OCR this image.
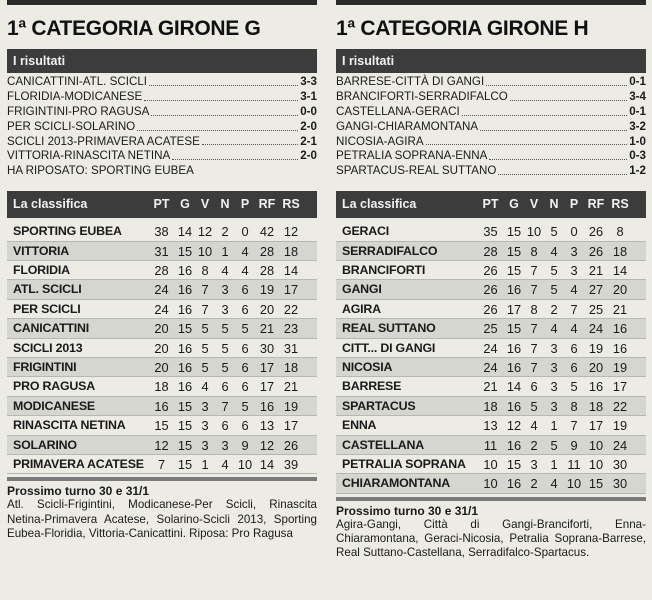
1ª CATEGORIA GIRONE G
I risultati
CANICATTINI-ATL. SCICLI	3-3
FLORIDIA-MODICANESE	3-1
FRIGINTINI-PRO RAGUSA	0-0
PER SCICLI-SOLARINO	2-0
SCICLI 2013-PRIMAVERA ACATESE	2-1
VITTORIA-RINASCITA NETINA	2-0
HA RIPOSATO: SPORTING EUBEA
La classifica	PT G V N P RF RS
SPORTING EUBEA	38 14 12 2	0 42 12
VITTORIA	31 15 10 1	4 28 18
FLORIDIA	28 16 8	4	4 28 14
ATL. SCICLI	24 16 7	3	6 19 17
PER SCICLI	24 16 7	3	6 20 22
CANICATTINI	20 15 5	5	5 21 23
SCICLI 2013	20 16 5	5	6 30 31
FRIGINTINI	20 16 5	5	6 17 18
PRO RAGUSA	18 16 4	6	6 17 21
MODICANESE	16 15 3	7	5 16 19
RINASCITA NETINA	15 15 3	6	6 13 17
SOLARINO	12 15 3	3	9 12 26
PRIMAVERA ACATESE	7	15 1	4 10 14 39
Prossimo turno 30 e 31/1
Atl. Scicli-Frigintini, Modicanese-Per Scicli, Rinascita Netina-Primavera Acatese, Solarino-Scicli 2013, Sporting Eubea-Floridia, Vittoria-Canicattini. Riposa: Pro Ragusa
1ª CATEGORIA GIRONE H
I risultati
BARRESE-CITTÀ DI GANGI	0-1
BRANCIFORTI-SERRADIFALCO	3-4
CASTELLANA-GERACI	0-1
GANGI-CHIARAMONTANA	3-2
NICOSIA-AGIRA	1-0
PETRALIA SOPRANA-ENNA	0-3
SPARTACUS-REAL SUTTANO	1-2
La classifica	PT G V N P RF RS
GERACI	35 15 10 5	0 26	8
SERRADIFALCO	28 15 8	4	3 26 18
BRANCIFORTI	26 15 7	5	3 21 14
GANGI	26 16 7	5	4 27 20
AGIRA	26 17 8	2	7 25 21
REAL SUTTANO	25 15 7	4	4 24 16
CITT... DI GANGI	24 16 7	3	6 19 16
NICOSIA	24 16 7	3	6 20 19
BARRESE	21 14 6	3	5 16 17
SPARTACUS	18 16 5	3	8 18 22
ENNA	13 12 4	1	7 17 19
CASTELLANA	11 16 2	5	9 10 24
PETRALIA SOPRANA	10 15 3	1 11 10 30
CHIARAMONTANA	10 16 2	4 10 15 30
Prossimo turno 30 e 31/1
Agira-Gangi, Città di Gangi-Branciforti, Enna-Chiaramontana, Geraci-Nicosia, Petralia Soprana-Barrese, Real Suttano-Castellana, Serradifalco-Spartacus.
